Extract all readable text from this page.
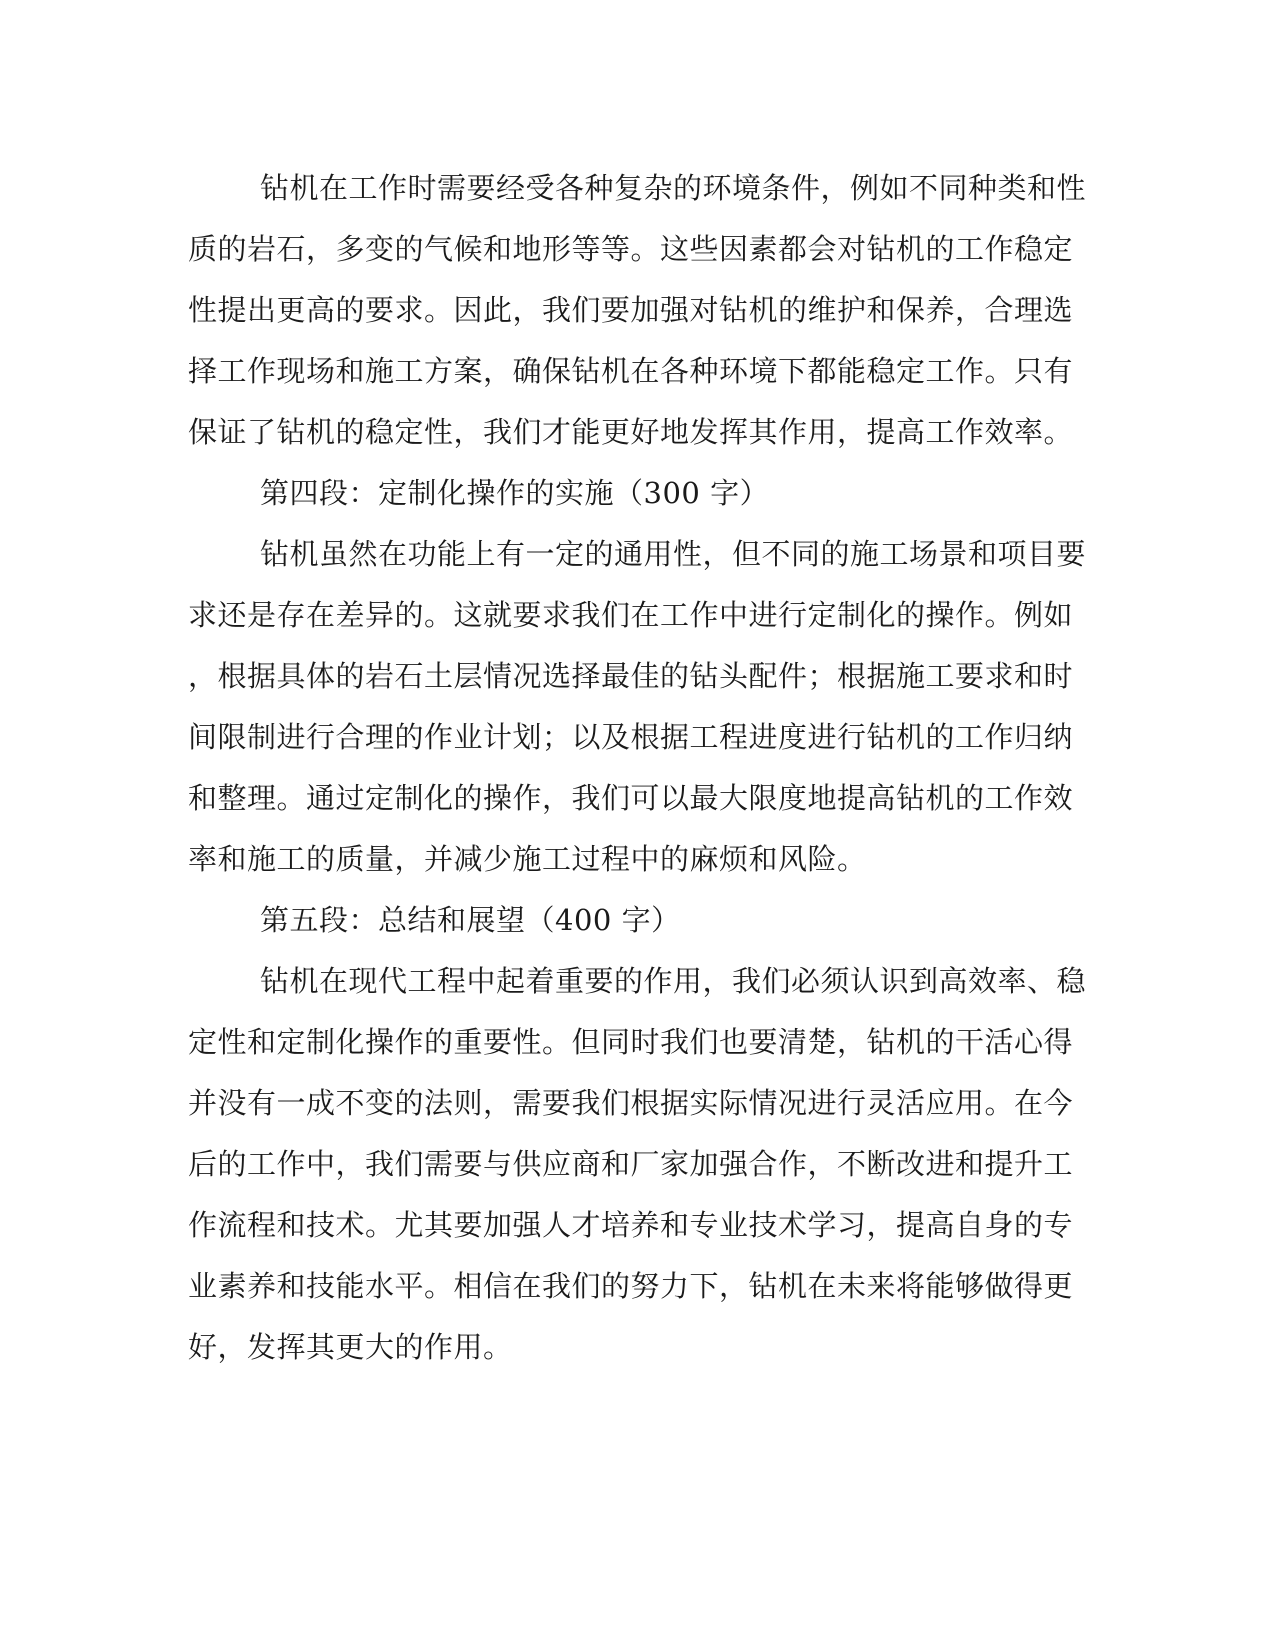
钻机在工作时需要经受各种复杂的环境条件，例如不同种类和性
质的岩石，多变的气候和地形等等。这些因素都会对钻机的工作稳定
性提出更高的要求。因此，我们要加强对钻机的维护和保养，合理选
择工作现场和施工方案，确保钻机在各种环境下都能稳定工作。只有
保证了钻机的稳定性，我们才能更好地发挥其作用，提高工作效率。
第四段：定制化操作的实施（300 字）
钻机虽然在功能上有一定的通用性，但不同的施工场景和项目要
求还是存在差异的。这就要求我们在工作中进行定制化的操作。例如
，根据具体的岩石土层情况选择最佳的钻头配件；根据施工要求和时
间限制进行合理的作业计划；以及根据工程进度进行钻机的工作归纳
和整理。通过定制化的操作，我们可以最大限度地提高钻机的工作效
率和施工的质量，并减少施工过程中的麻烦和风险。
第五段：总结和展望（400 字）
钻机在现代工程中起着重要的作用，我们必须认识到高效率、稳
定性和定制化操作的重要性。但同时我们也要清楚，钻机的干活心得
并没有一成不变的法则，需要我们根据实际情况进行灵活应用。在今
后的工作中，我们需要与供应商和厂家加强合作，不断改进和提升工
作流程和技术。尤其要加强人才培养和专业技术学习，提高自身的专
业素养和技能水平。相信在我们的努力下，钻机在未来将能够做得更
好，发挥其更大的作用。
